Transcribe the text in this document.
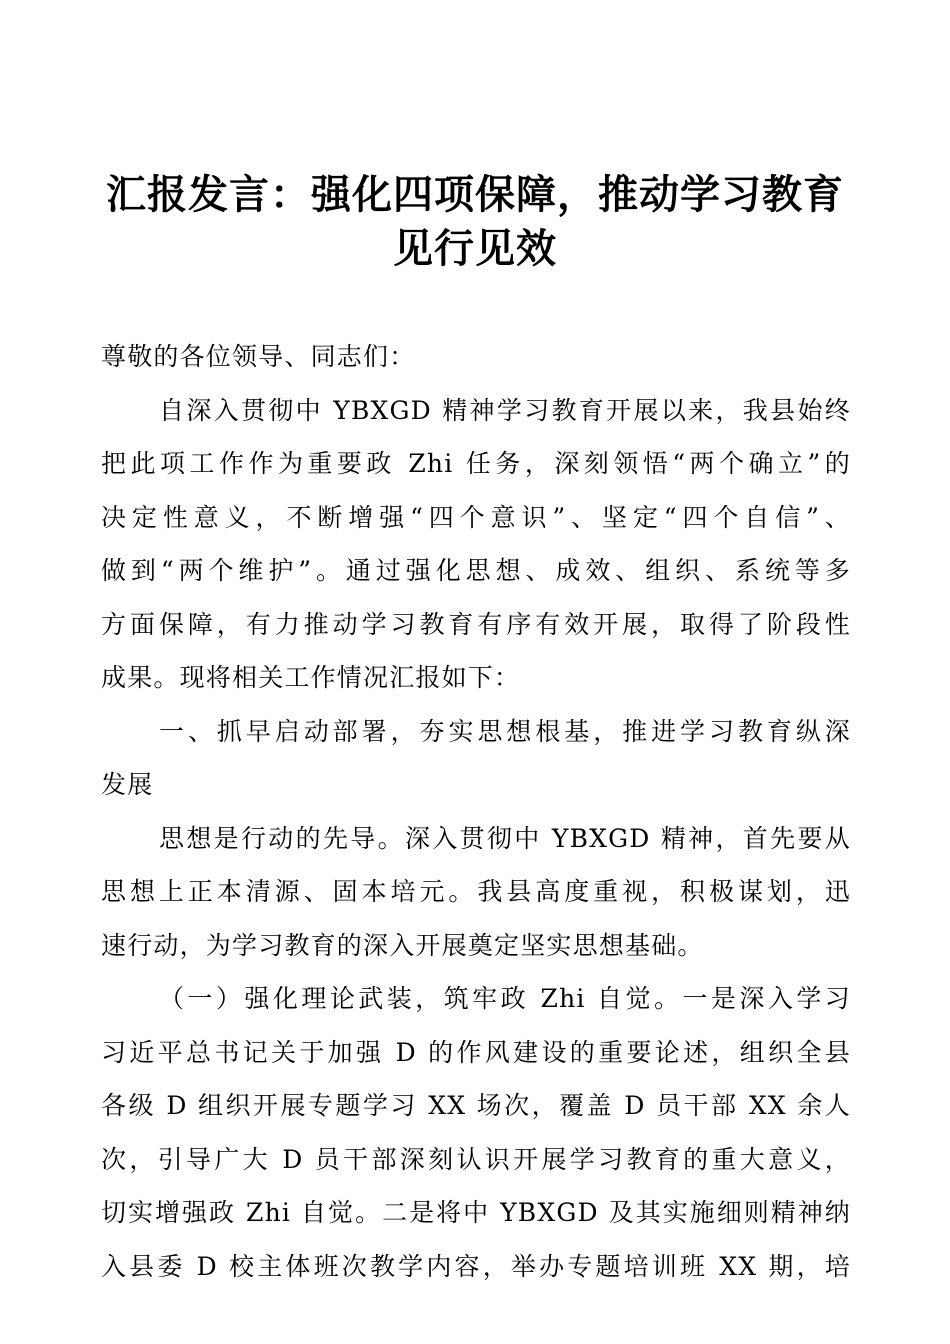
汇报发言：强化四项保障，推动学习教育
见行见效
尊敬的各位领导、同志们：
自深入贯彻中 YBXGD 精神学习教育开展以来，我县始终
把此项工作作为重要政 Zhi 任务，深刻领悟“两个确立”的
决定性意义，不断增强“四个意识”、坚定“四个自信”、
做到“两个维护”。通过强化思想、成效、组织、系统等多
方面保障，有力推动学习教育有序有效开展，取得了阶段性
成果。现将相关工作情况汇报如下：
一、抓早启动部署，夯实思想根基，推进学习教育纵深
发展
思想是行动的先导。深入贯彻中 YBXGD 精神，首先要从
思想上正本清源、固本培元。我县高度重视，积极谋划，迅
速行动，为学习教育的深入开展奠定坚实思想基础。
（一）强化理论武装，筑牢政 Zhi 自觉。一是深入学习
习近平总书记关于加强 D 的作风建设的重要论述，组织全县
各级 D 组织开展专题学习 XX 场次，覆盖 D 员干部 XX 余人
次，引导广大 D 员干部深刻认识开展学习教育的重大意义，
切实增强政 Zhi 自觉。二是将中 YBXGD 及其实施细则精神纳
入县委 D 校主体班次教学内容，举办专题培训班 XX 期，培
